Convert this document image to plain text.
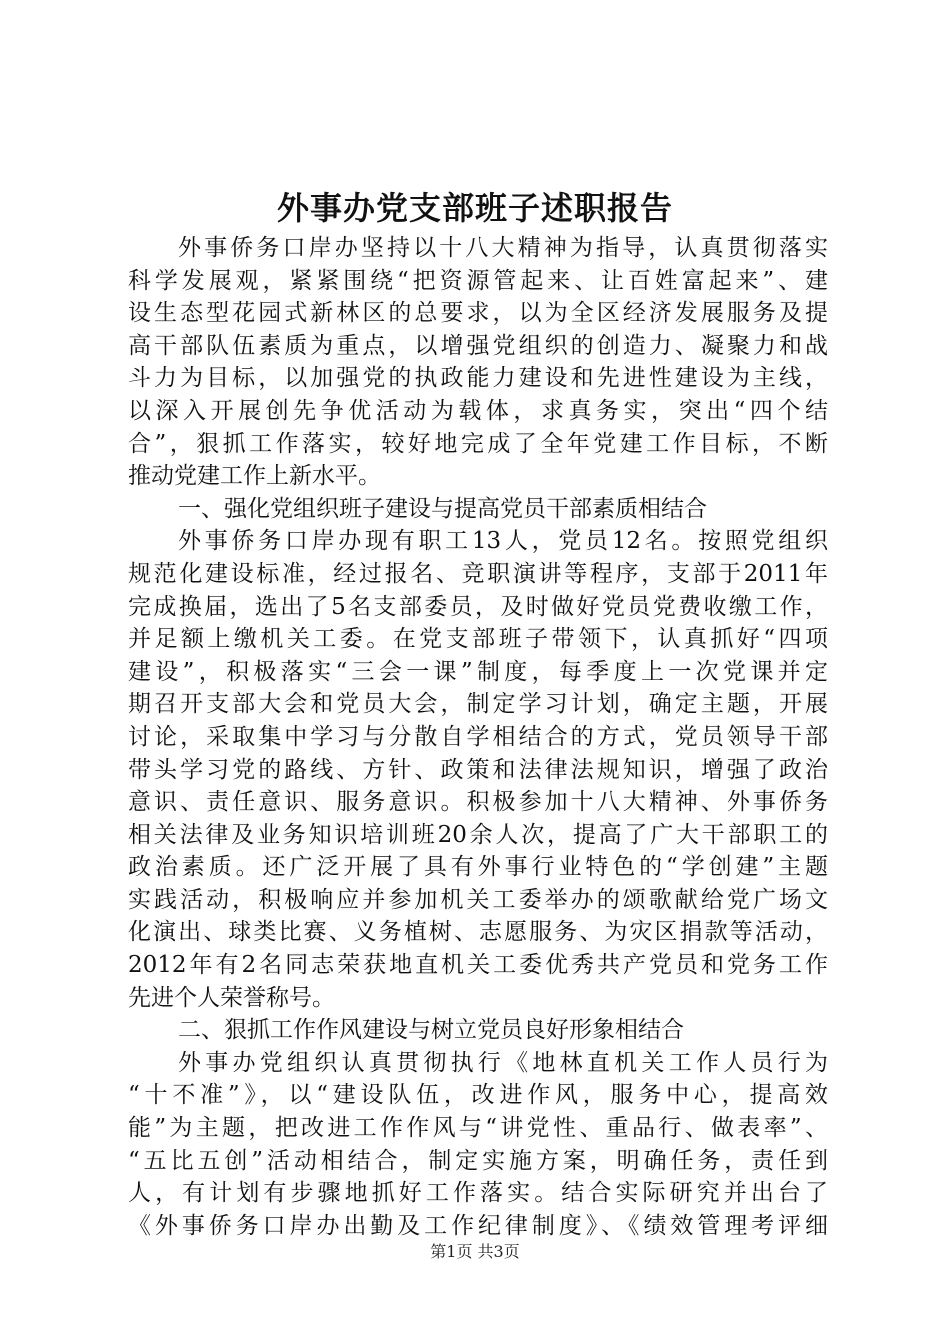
外事办党支部班子述职报告
外事侨务口岸办坚持以十八大精神为指导，认真贯彻落实
科学发展观，紧紧围绕“把资源管起来、让百姓富起来”、建
设生态型花园式新林区的总要求，以为全区经济发展服务及提
高干部队伍素质为重点，以增强党组织的创造力、凝聚力和战
斗力为目标，以加强党的执政能力建设和先进性建设为主线，
以深入开展创先争优活动为载体，求真务实，突出“四个结
合”，狠抓工作落实，较好地完成了全年党建工作目标，不断
推动党建工作上新水平。
一、强化党组织班子建设与提高党员干部素质相结合
外事侨务口岸办现有职工13人，党员12名。按照党组织
规范化建设标准，经过报名、竞职演讲等程序，支部于2011年
完成换届，选出了5名支部委员，及时做好党员党费收缴工作，
并足额上缴机关工委。在党支部班子带领下，认真抓好“四项
建设”，积极落实“三会一课”制度，每季度上一次党课并定
期召开支部大会和党员大会，制定学习计划，确定主题，开展
讨论，采取集中学习与分散自学相结合的方式，党员领导干部
带头学习党的路线、方针、政策和法律法规知识，增强了政治
意识、责任意识、服务意识。积极参加十八大精神、外事侨务
相关法律及业务知识培训班20余人次，提高了广大干部职工的
政治素质。还广泛开展了具有外事行业特色的“学创建”主题
实践活动，积极响应并参加机关工委举办的颂歌献给党广场文
化演出、球类比赛、义务植树、志愿服务、为灾区捐款等活动，
2012年有2名同志荣获地直机关工委优秀共产党员和党务工作
先进个人荣誉称号。
二、狠抓工作作风建设与树立党员良好形象相结合
外事办党组织认真贯彻执行《地林直机关工作人员行为
“十不准”》，以“建设队伍，改进作风，服务中心，提高效
能”为主题，把改进工作作风与“讲党性、重品行、做表率”、
“五比五创”活动相结合，制定实施方案，明确任务，责任到
人，有计划有步骤地抓好工作落实。结合实际研究并出台了
《外事侨务口岸办出勤及工作纪律制度》、《绩效管理考评细
第1页 共3页
